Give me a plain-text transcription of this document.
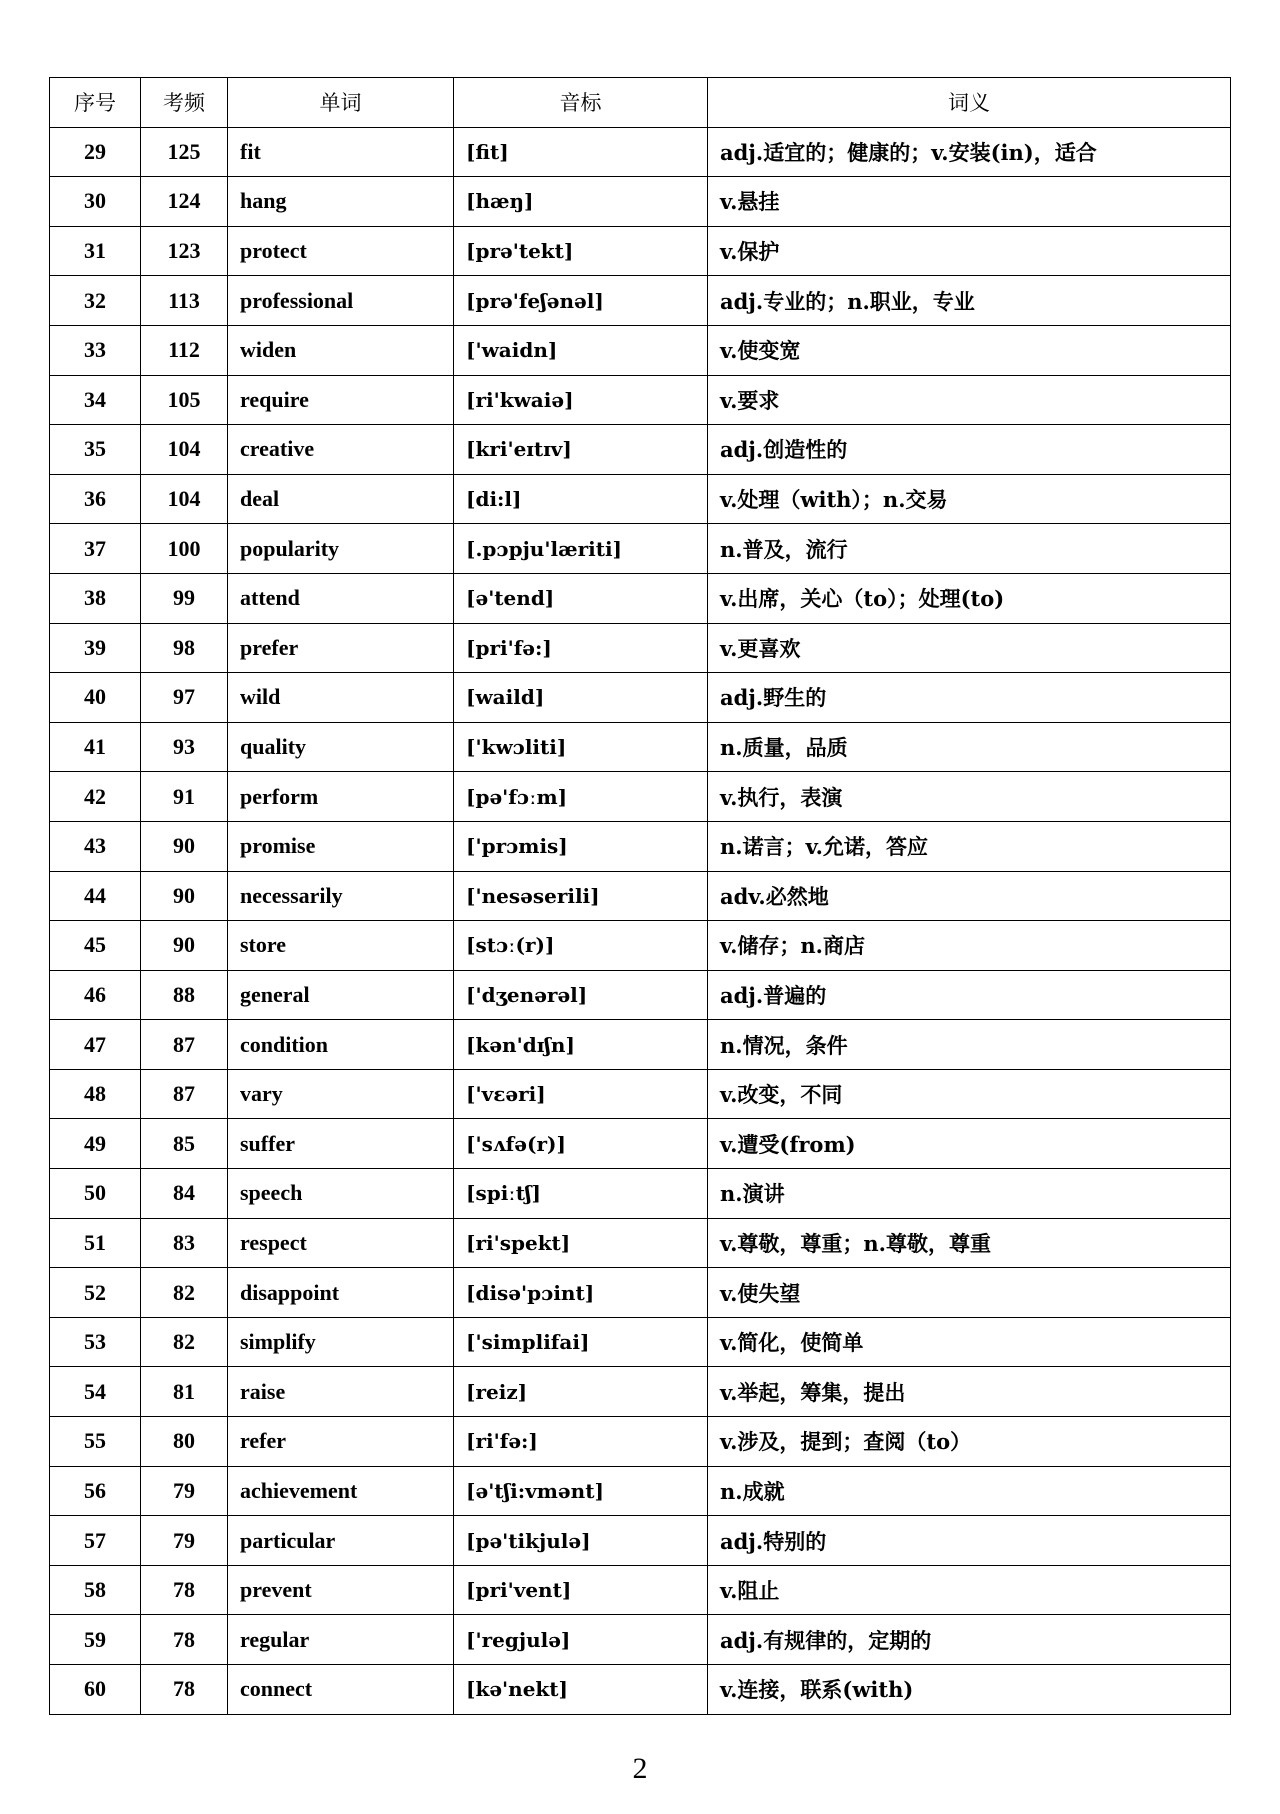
序号	考频	单词	音标	词义
29	125	fit	[fit]	adj.适宜的；健康的；v.安装(in)，适合
30	124	hang	[hæŋ]	v.悬挂
31	123	protect	[prə'tekt]	v.保护
32	113	professional	[prə'feʃənəl]	adj.专业的；n.职业，专业
33	112	widen	['waidn]	v.使变宽
34	105	require	[ri'kwaiə]	v.要求
35	104	creative	[kri'eɪtɪv]	adj.创造性的
36	104	deal	[di:l]	v.处理（with）；n.交易
37	100	popularity	[.pɔpju'læriti]	n.普及，流行
38	99	attend	[ə'tend]	v.出席，关心（to）；处理(to)
39	98	prefer	[pri'fə:]	v.更喜欢
40	97	wild	[waild]	adj.野生的
41	93	quality	['kwɔliti]	n.质量，品质
42	91	perform	[pə'fɔːm]	v.执行，表演
43	90	promise	['prɔmis]	n.诺言；v.允诺，答应
44	90	necessarily	['nesəserili]	adv.必然地
45	90	store	[stɔː(r)]	v.储存；n.商店
46	88	general	['dʒenərəl]	adj.普遍的
47	87	condition	[kən'dɪʃn]	n.情况，条件
48	87	vary	['vɛəri]	v.改变，不同
49	85	suffer	['sʌfə(r)]	v.遭受(from)
50	84	speech	[spiːtʃ]	n.演讲
51	83	respect	[ri'spekt]	v.尊敬，尊重；n.尊敬，尊重
52	82	disappoint	[disə'pɔint]	v.使失望
53	82	simplify	['simplifai]	v.简化，使简单
54	81	raise	[reiz]	v.举起，筹集，提出
55	80	refer	[ri'fə:]	v.涉及，提到；查阅（to）
56	79	achievement	[ə'tʃi:vmənt]	n.成就
57	79	particular	[pə'tikjulə]	adj.特别的
58	78	prevent	[pri'vent]	v.阻止
59	78	regular	['regjulə]	adj.有规律的，定期的
60	78	connect	[kə'nekt]	v.连接，联系(with)
2
